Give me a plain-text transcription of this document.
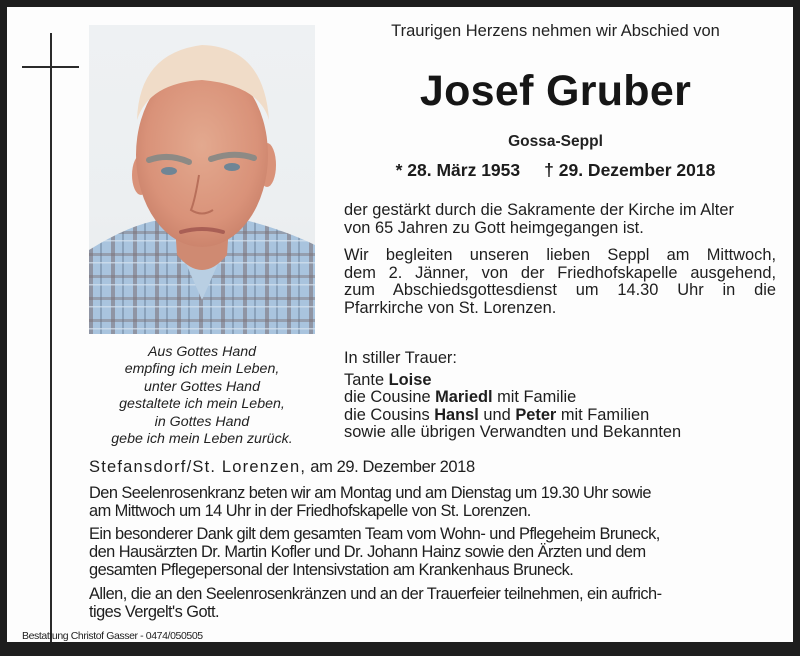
Aus Gottes Hand
empfing ich mein Leben,
unter Gottes Hand
gestaltete ich mein Leben,
in Gottes Hand
gebe ich mein Leben zurück.
Traurigen Herzens nehmen wir Abschied von
Josef Gruber
Gossa-Seppl
* 28. März 1953 † 29. Dezember 2018
der gestärkt durch die Sakramente der Kirche im Alter
von 65 Jahren zu Gott heimgegangen ist.
Wir begleiten unseren lieben Seppl am Mittwoch,
dem 2. Jänner, von der Friedhofskapelle ausgehend,
zum Abschiedsgottesdienst um 14.30 Uhr in die
Pfarrkirche von St. Lorenzen.
In stiller Trauer:
Tante Loise
die Cousine Mariedl mit Familie
die Cousins Hansl und Peter mit Familien
sowie alle übrigen Verwandten und Bekannten
Stefansdorf/St. Lorenzen, am 29. Dezember 2018
Den Seelenrosenkranz beten wir am Montag und am Dienstag um 19.30 Uhr sowie
am Mittwoch um 14 Uhr in der Friedhofskapelle von St. Lorenzen.
Ein besonderer Dank gilt dem gesamten Team vom Wohn- und Pflegeheim Bruneck,
den Hausärzten Dr. Martin Kofler und Dr. Johann Hainz sowie den Ärzten und dem
gesamten Pflegepersonal der Intensivstation am Krankenhaus Bruneck.
Allen, die an den Seelenrosenkränzen und an der Trauerfeier teilnehmen, ein aufrich-
tiges Vergelt's Gott.
Bestattung Christof Gasser - 0474/050505
